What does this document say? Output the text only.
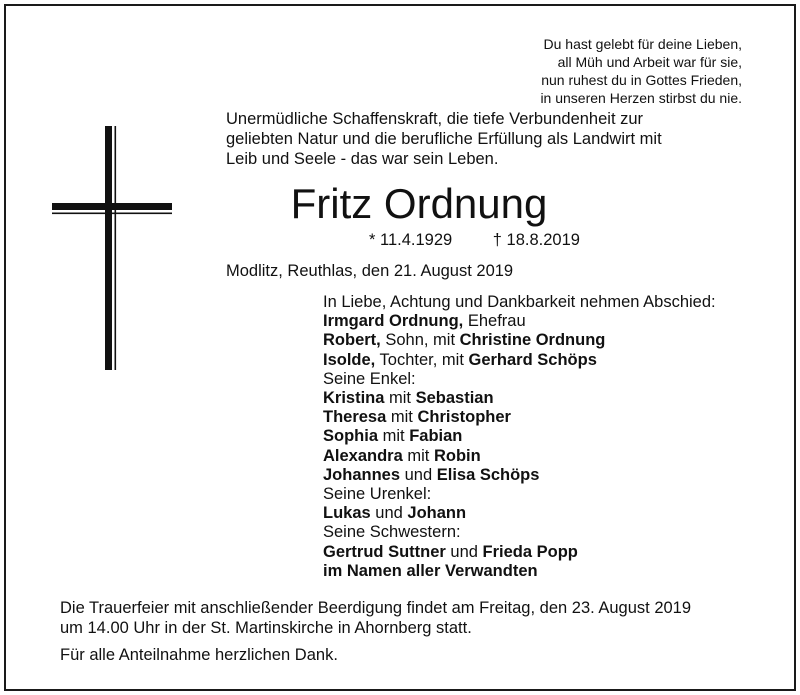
Du hast gelebt für deine Lieben,
all Müh und Arbeit war für sie,
nun ruhest du in Gottes Frieden,
in unseren Herzen stirbst du nie.
Unermüdliche Schaffenskraft, die tiefe Verbundenheit zur
geliebten Natur und die berufliche Erfüllung als Landwirt mit
Leib und Seele - das war sein Leben.
Fritz Ordnung
* 11.4.1929 † 18.8.2019
Modlitz, Reuthlas, den 21. August 2019
In Liebe, Achtung und Dankbarkeit nehmen Abschied:
Irmgard Ordnung, Ehefrau
Robert, Sohn, mit Christine Ordnung
Isolde, Tochter, mit Gerhard Schöps
Seine Enkel:
Kristina mit Sebastian
Theresa mit Christopher
Sophia mit Fabian
Alexandra mit Robin
Johannes und Elisa Schöps
Seine Urenkel:
Lukas und Johann
Seine Schwestern:
Gertrud Suttner und Frieda Popp
im Namen aller Verwandten
Die Trauerfeier mit anschließender Beerdigung findet am Freitag, den 23. August 2019
um 14.00 Uhr in der St. Martinskirche in Ahornberg statt.
Für alle Anteilnahme herzlichen Dank.
